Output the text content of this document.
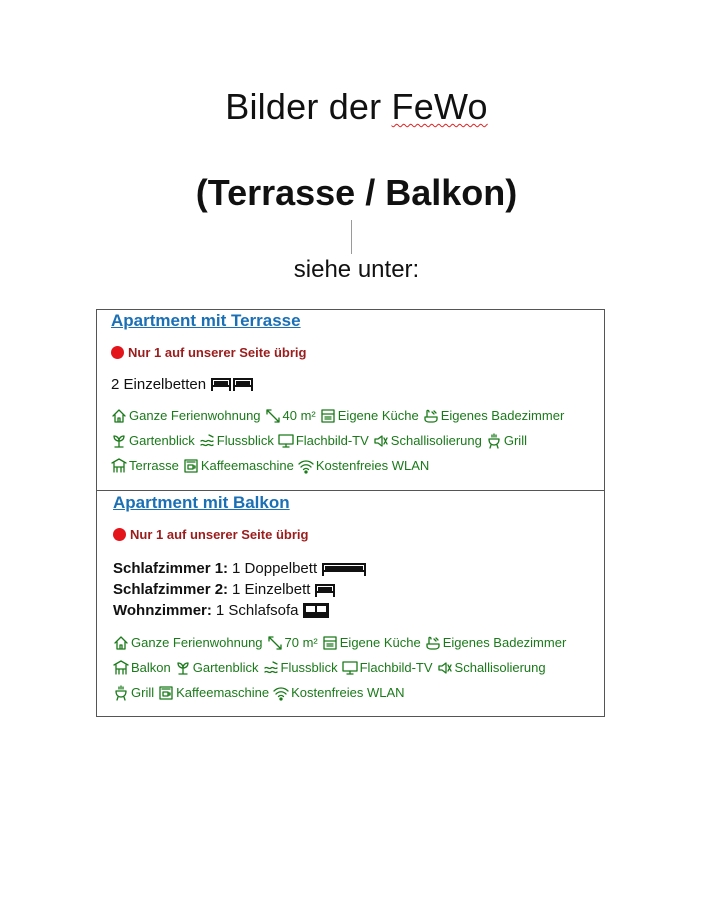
Bilder der FeWo
(Terrasse / Balkon)
siehe unter:
Apartment mit Terrasse
Nur 1 auf unserer Seite übrig
2 Einzelbetten
Ganze Ferienwohnung 40 m² Eigene Küche Eigenes Badezimmer
Gartenblick Flussblick Flachbild-TV Schallisolierung Grill
Terrasse Kaffeemaschine Kostenfreies WLAN
Apartment mit Balkon
Nur 1 auf unserer Seite übrig
Schlafzimmer 1: 1 Doppelbett
Schlafzimmer 2: 1 Einzelbett
Wohnzimmer: 1 Schlafsofa
Ganze Ferienwohnung 70 m² Eigene Küche Eigenes Badezimmer
Balkon Gartenblick Flussblick Flachbild-TV Schallisolierung
Grill Kaffeemaschine Kostenfreies WLAN
